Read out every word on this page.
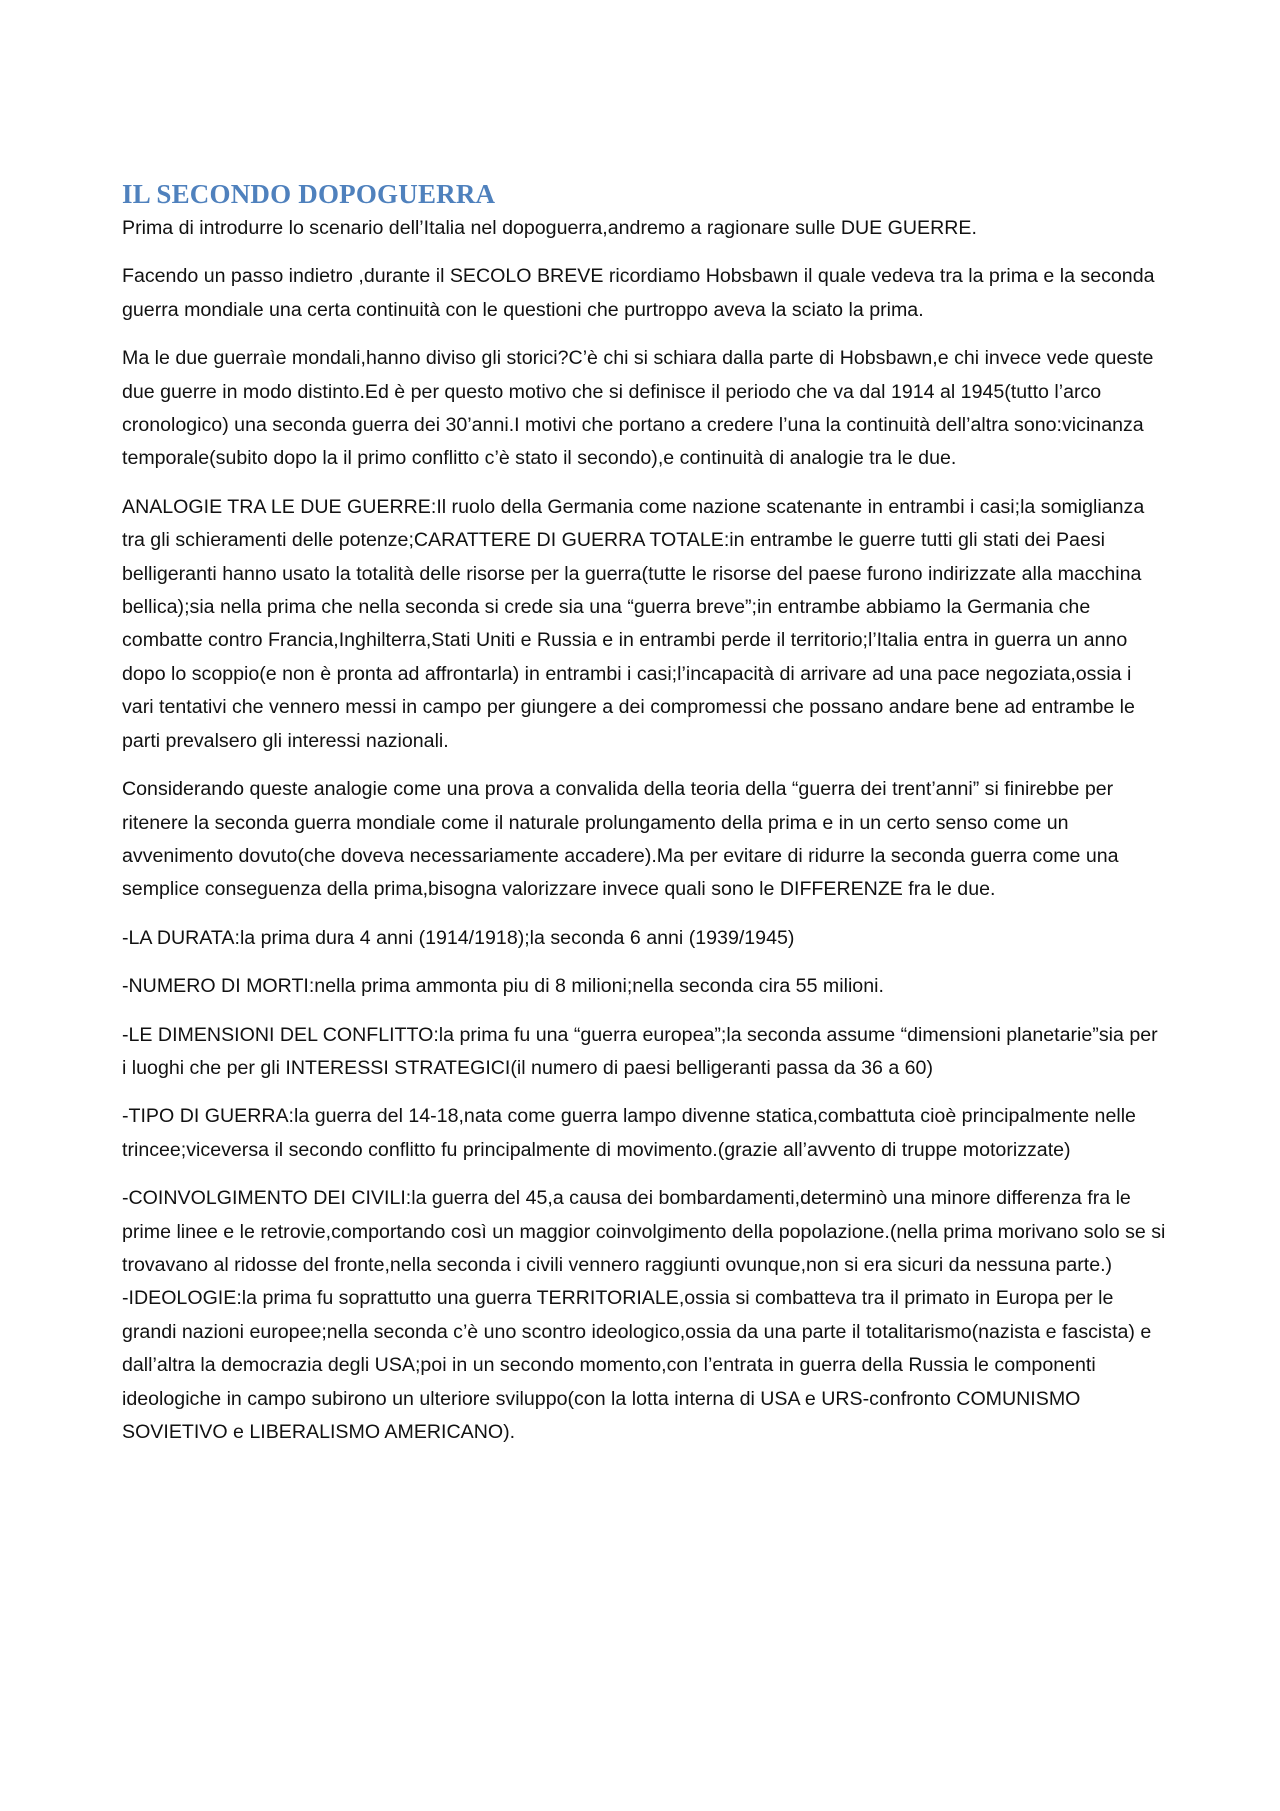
IL SECONDO DOPOGUERRA

Prima di introdurre lo scenario dell’Italia nel dopoguerra,andremo a ragionare sulle DUE GUERRE.

Facendo un passo indietro ,durante il SECOLO BREVE ricordiamo Hobsbawn il quale vedeva tra la prima e la seconda guerra mondiale una certa continuità con le questioni che purtroppo aveva la sciato la prima.

Ma le due guerraìe mondali,hanno diviso gli storici?C’è chi si schiara dalla parte di Hobsbawn,e chi invece vede queste due guerre in modo distinto.Ed è per questo motivo che si definisce il periodo che va dal 1914 al 1945(tutto l’arco cronologico) una seconda guerra dei 30’anni.I motivi che portano a credere l’una la continuità dell’altra sono:vicinanza temporale(subito dopo la il primo conflitto c’è stato il secondo),e continuità di analogie tra le due.

ANALOGIE TRA LE DUE GUERRE:Il ruolo della Germania come nazione scatenante in entrambi i casi;la somiglianza tra gli schieramenti delle potenze;CARATTERE DI GUERRA TOTALE:in entrambe le guerre tutti gli stati dei Paesi belligeranti hanno usato la totalità delle risorse per la guerra(tutte le risorse del paese furono indirizzate alla macchina bellica);sia nella prima che nella seconda si crede sia una “guerra breve”;in entrambe abbiamo la Germania che combatte contro Francia,Inghilterra,Stati Uniti e Russia e in entrambi perde il territorio;l’Italia entra in guerra un anno dopo lo scoppio(e non è pronta ad affrontarla) in entrambi i casi;l’incapacità di arrivare ad una pace negoziata,ossia i vari tentativi che vennero messi in campo per giungere a dei compromessi che possano andare bene ad entrambe le parti prevalsero gli interessi nazionali.

Considerando queste analogie come una prova a convalida della teoria della “guerra dei trent’anni” si finirebbe per ritenere la seconda guerra mondiale come il naturale prolungamento della prima e in un certo senso come un avvenimento dovuto(che doveva necessariamente accadere).Ma per evitare di ridurre la seconda guerra come una semplice conseguenza della prima,bisogna valorizzare invece quali sono le DIFFERENZE fra le due.

-LA DURATA:la prima dura 4 anni (1914/1918);la seconda 6 anni (1939/1945)

-NUMERO DI MORTI:nella prima ammonta piu di 8 milioni;nella seconda cira 55 milioni.

-LE DIMENSIONI DEL CONFLITTO:la prima fu una “guerra europea”;la seconda assume “dimensioni planetarie”sia per i luoghi che per gli INTERESSI STRATEGICI(il numero di paesi belligeranti passa da 36 a 60)

-TIPO DI GUERRA:la guerra del 14-18,nata come guerra lampo divenne statica,combattuta cioè principalmente nelle trincee;viceversa il secondo conflitto fu principalmente di movimento.(grazie all’avvento di truppe motorizzate)

-COINVOLGIMENTO DEI CIVILI:la guerra del 45,a causa dei bombardamenti,determinò una minore differenza fra le prime linee e le retrovie,comportando così un maggior coinvolgimento della popolazione.(nella prima morivano solo se si trovavano al ridosse del fronte,nella seconda i civili vennero raggiunti ovunque,non si era sicuri da nessuna parte.)

-IDEOLOGIE:la prima fu soprattutto una guerra TERRITORIALE,ossia si combatteva tra il primato in Europa per le grandi nazioni europee;nella seconda c’è uno scontro ideologico,ossia da una parte il totalitarismo(nazista e fascista) e dall’altra la democrazia degli USA;poi in un secondo momento,con l’entrata in guerra della Russia le componenti ideologiche in campo subirono un ulteriore sviluppo(con la lotta interna di USA e URS-confronto COMUNISMO SOVIETIVO e LIBERALISMO AMERICANO).
